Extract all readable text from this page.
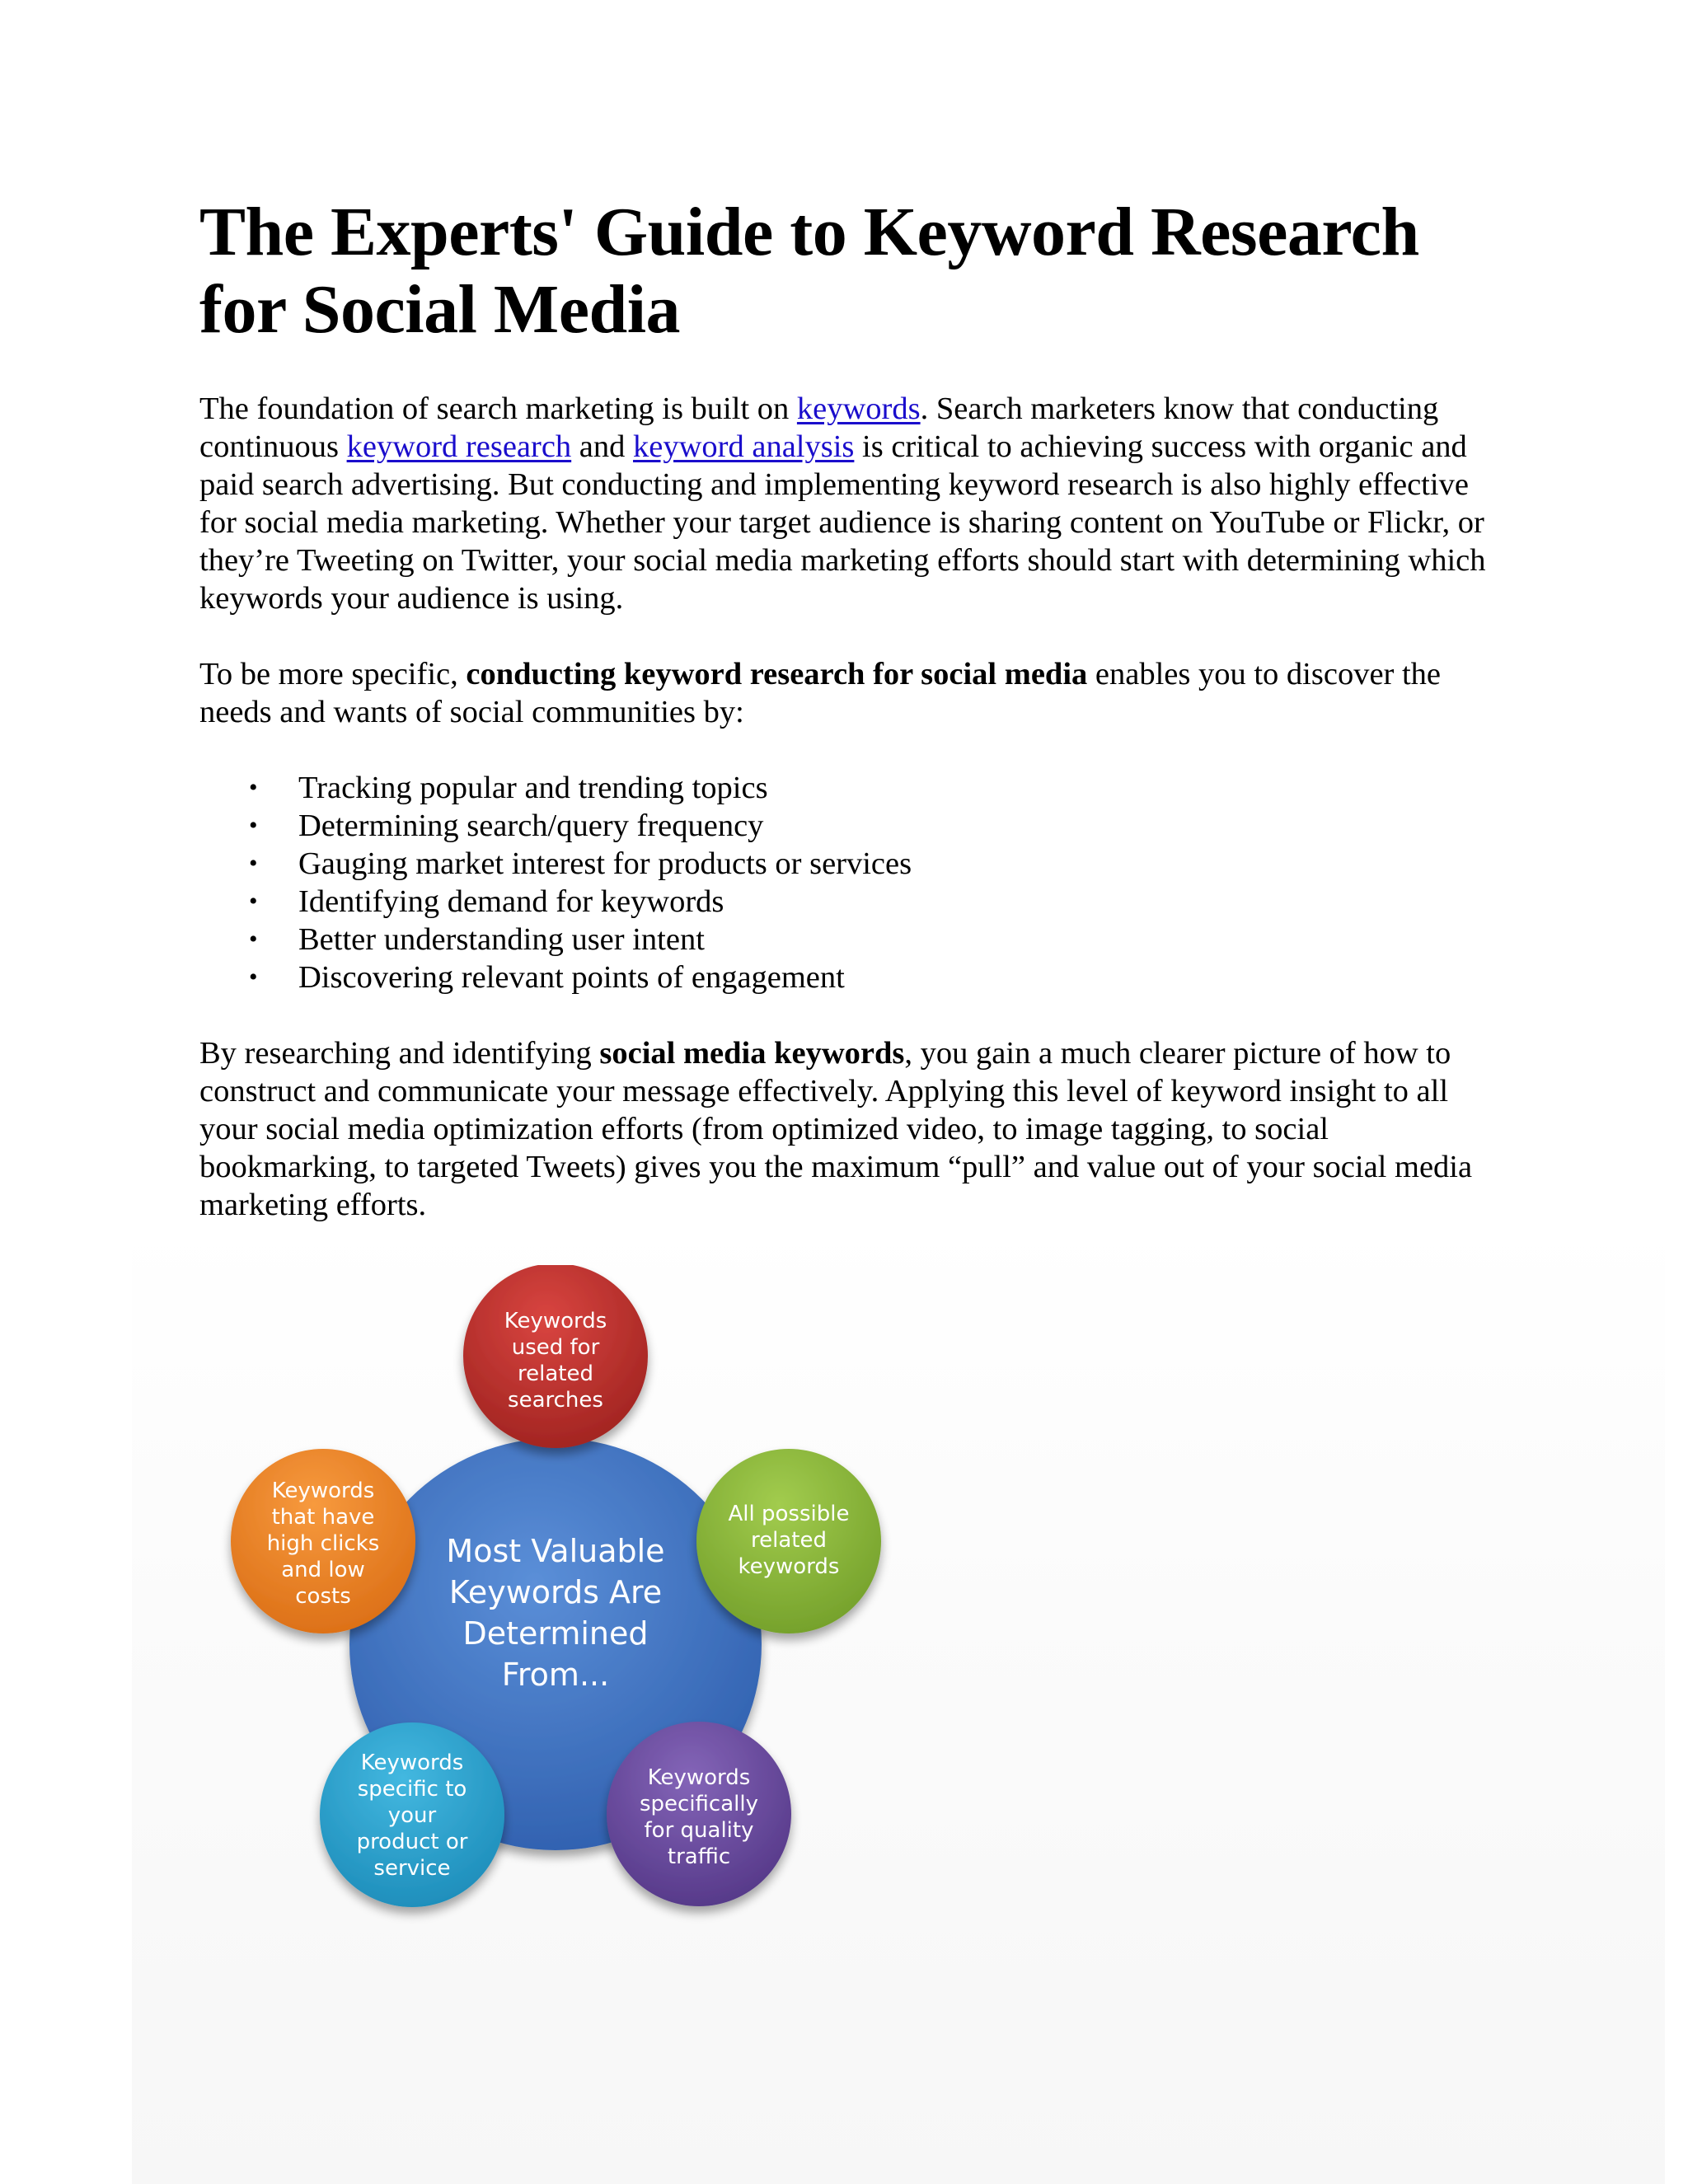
The Experts' Guide to Keyword Research for Social Media

The foundation of search marketing is built on keywords. Search marketers know that conducting continuous keyword research and keyword analysis is critical to achieving success with organic and paid search advertising. But conducting and implementing keyword research is also highly effective for social media marketing. Whether your target audience is sharing content on YouTube or Flickr, or they’re Tweeting on Twitter, your social media marketing efforts should start with determining which keywords your audience is using.

To be more specific, conducting keyword research for social media enables you to discover the needs and wants of social communities by:

• Tracking popular and trending topics
• Determining search/query frequency
• Gauging market interest for products or services
• Identifying demand for keywords
• Better understanding user intent
• Discovering relevant points of engagement

By researching and identifying social media keywords, you gain a much clearer picture of how to construct and communicate your message effectively. Applying this level of keyword insight to all your social media optimization efforts (from optimized video, to image tagging, to social bookmarking, to targeted Tweets) gives you the maximum “pull” and value out of your social media marketing efforts.

Most Valuable
Keywords Are
Determined
From...
Keywords
used for
related
searches
All possible
related
keywords
Keywords
specifically
for quality
traffic
Keywords
specific to
your
product or
service
Keywords
that have
high clicks
and low
costs
